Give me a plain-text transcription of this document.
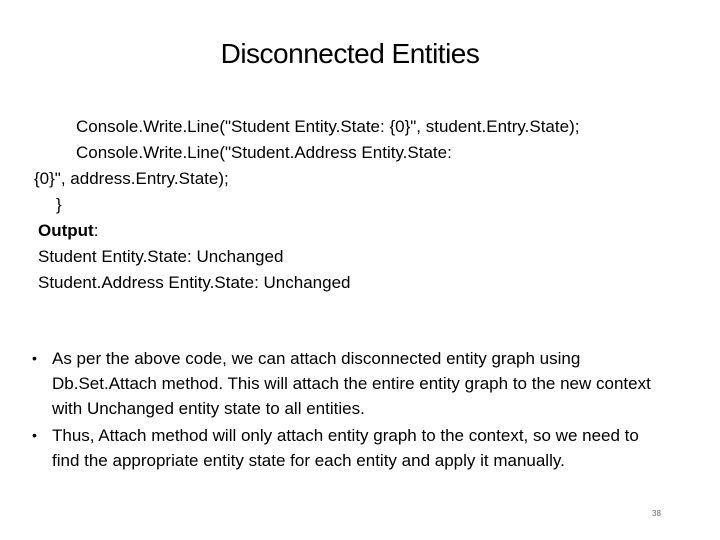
Disconnected Entities
Console.Write.Line("Student Entity.State: {0}", student.Entry.State);
Console.Write.Line("Student.Address Entity.State:
{0}", address.Entry.State);
}
Output:
Student Entity.State: Unchanged
Student.Address Entity.State: Unchanged
• As per the above code, we can attach disconnected entity graph using Db.Set.Attach method. This will attach the entire entity graph to the new context with Unchanged entity state to all entities.
• Thus, Attach method will only attach entity graph to the context, so we need to find the appropriate entity state for each entity and apply it manually.
38
